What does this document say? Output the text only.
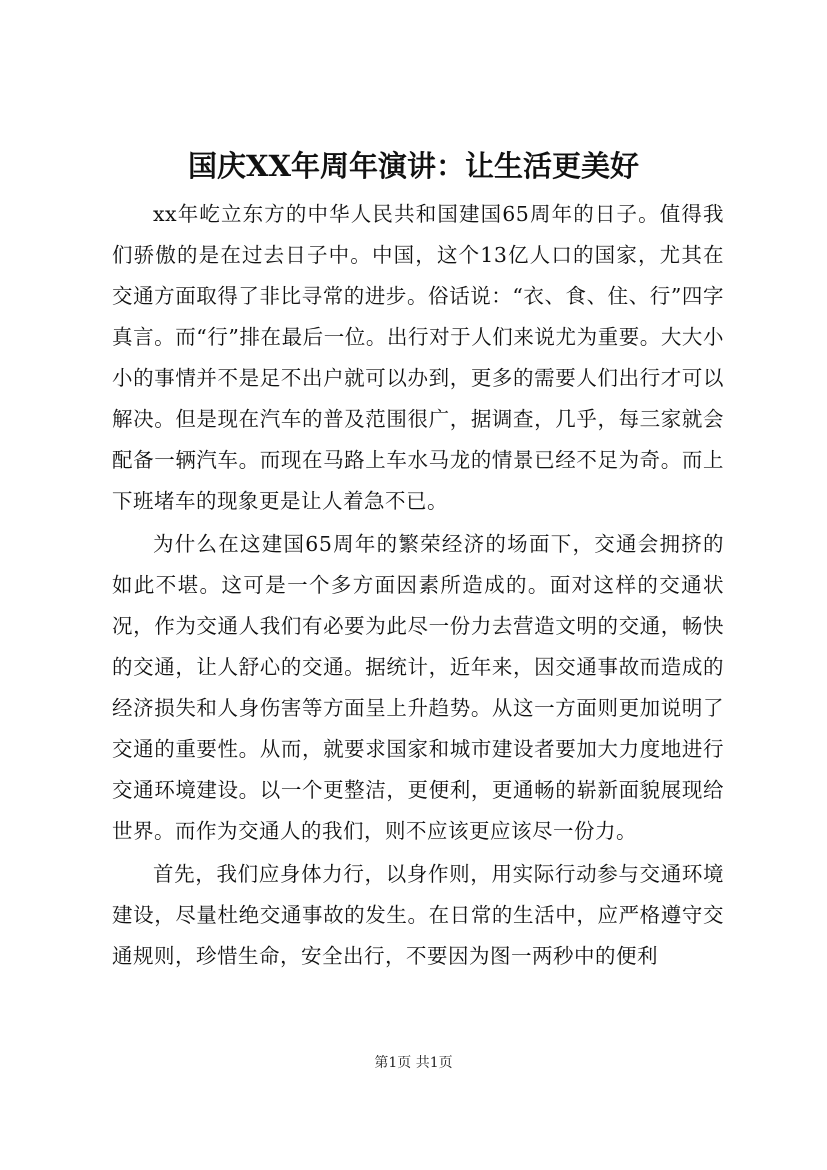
国庆XX年周年演讲：让生活更美好

xx年屹立东方的中华人民共和国建国65周年的日子。值得我们骄傲的是在过去日子中。中国，这个13亿人口的国家，尤其在交通方面取得了非比寻常的进步。俗话说：“衣、食、住、行”四字真言。而“行”排在最后一位。出行对于人们来说尤为重要。大大小小的事情并不是足不出户就可以办到，更多的需要人们出行才可以解决。但是现在汽车的普及范围很广，据调查，几乎，每三家就会配备一辆汽车。而现在马路上车水马龙的情景已经不足为奇。而上下班堵车的现象更是让人着急不已。

为什么在这建国65周年的繁荣经济的场面下，交通会拥挤的如此不堪。这可是一个多方面因素所造成的。面对这样的交通状况，作为交通人我们有必要为此尽一份力去营造文明的交通，畅快的交通，让人舒心的交通。据统计，近年来，因交通事故而造成的经济损失和人身伤害等方面呈上升趋势。从这一方面则更加说明了交通的重要性。从而，就要求国家和城市建设者要加大力度地进行交通环境建设。以一个更整洁，更便利，更通畅的崭新面貌展现给世界。而作为交通人的我们，则不应该更应该尽一份力。

首先，我们应身体力行，以身作则，用实际行动参与交通环境建设，尽量杜绝交通事故的发生。在日常的生活中，应严格遵守交通规则，珍惜生命，安全出行，不要因为图一两秒中的便利

第1页 共1页
